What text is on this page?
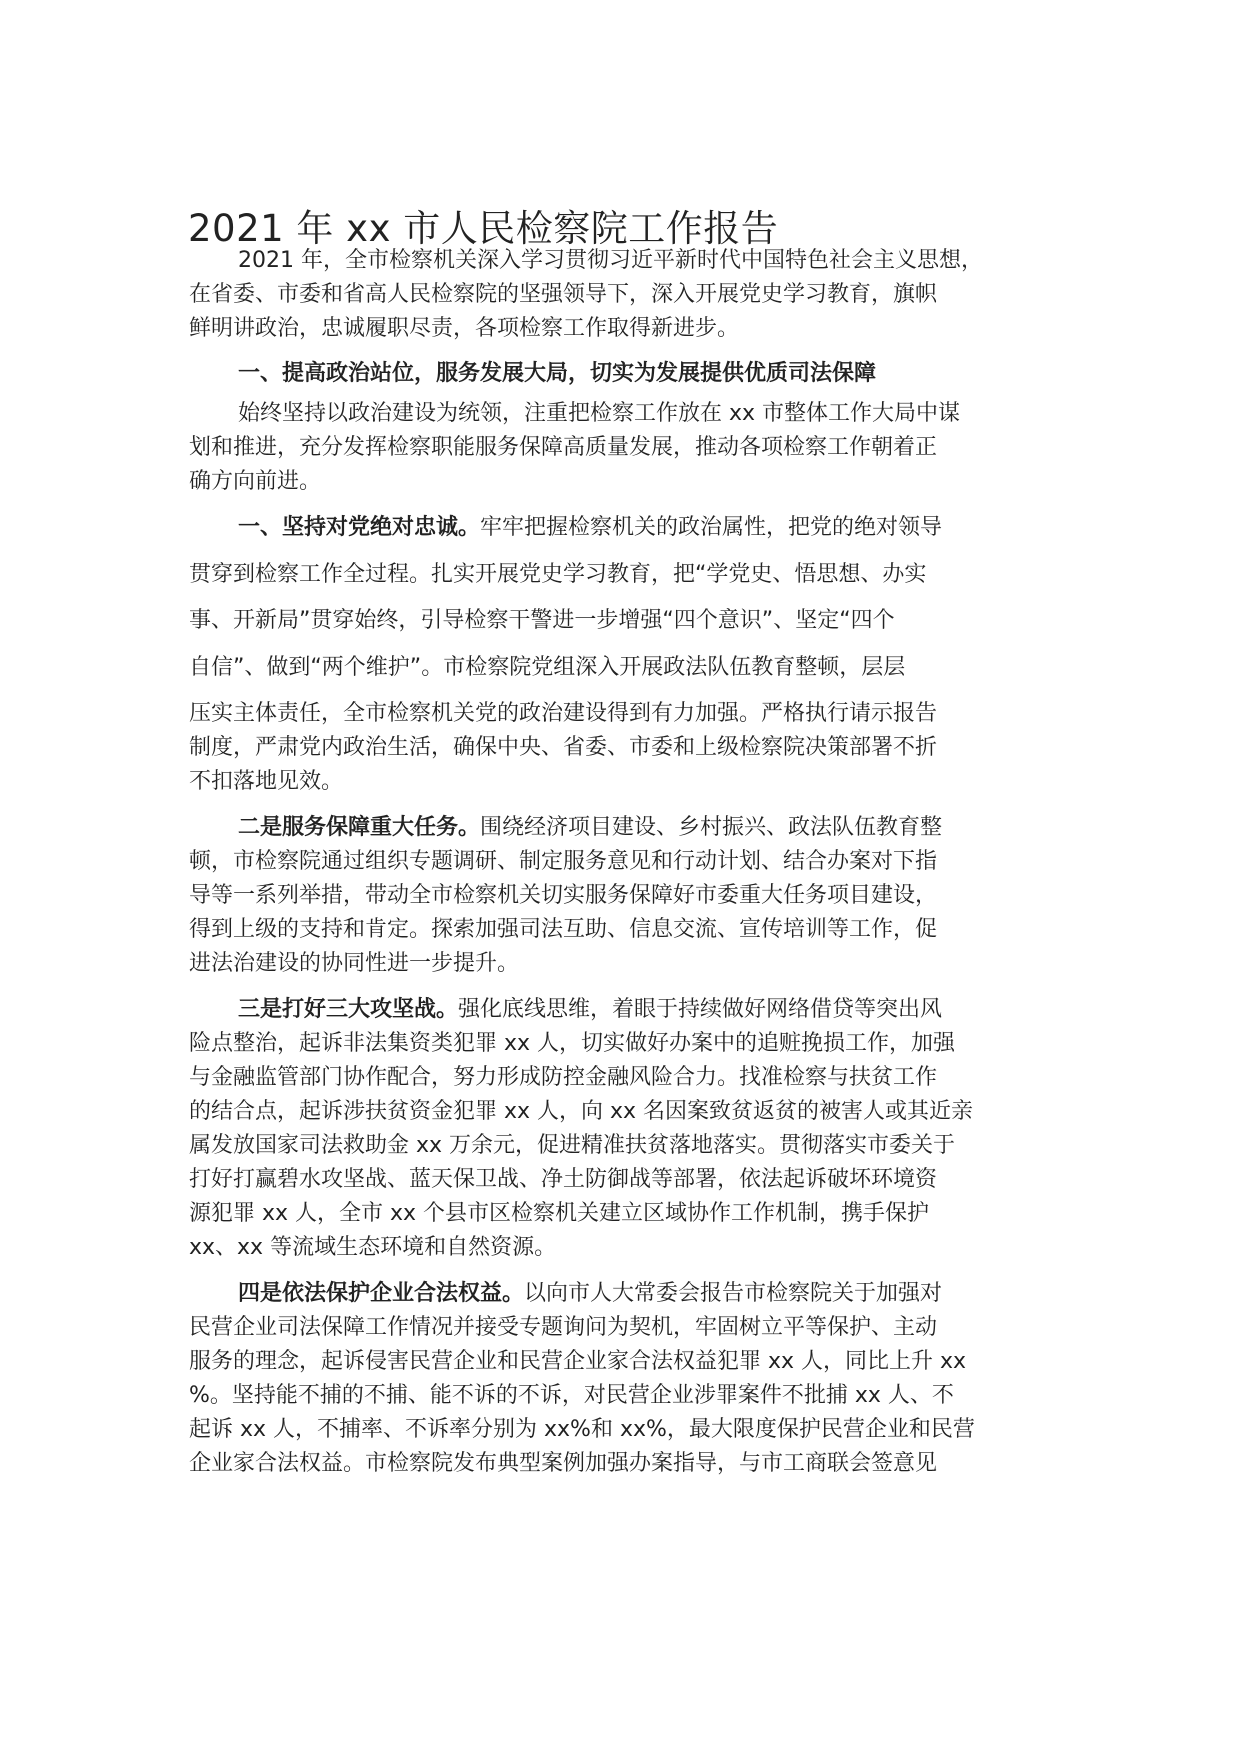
2021 年 xx 市人民检察院工作报告

2021 年，全市检察机关深入学习贯彻习近平新时代中国特色社会主义思想，

在省委、市委和省高人民检察院的坚强领导下，深入开展党史学习教育，旗帜

鲜明讲政治，忠诚履职尽责，各项检察工作取得新进步。

一、提高政治站位，服务发展大局，切实为发展提供优质司法保障

始终坚持以政治建设为统领，注重把检察工作放在 xx 市整体工作大局中谋

划和推进，充分发挥检察职能服务保障高质量发展，推动各项检察工作朝着正

确方向前进。

一、坚持对党绝对忠诚。牢牢把握检察机关的政治属性，把党的绝对领导

贯穿到检察工作全过程。扎实开展党史学习教育，把“学党史、悟思想、办实

事、开新局”贯穿始终，引导检察干警进一步增强“四个意识”、坚定“四个

自信”、做到“两个维护”。市检察院党组深入开展政法队伍教育整顿，层层

压实主体责任，全市检察机关党的政治建设得到有力加强。严格执行请示报告

制度，严肃党内政治生活，确保中央、省委、市委和上级检察院决策部署不折

不扣落地见效。

二是服务保障重大任务。围绕经济项目建设、乡村振兴、政法队伍教育整

顿，市检察院通过组织专题调研、制定服务意见和行动计划、结合办案对下指

导等一系列举措，带动全市检察机关切实服务保障好市委重大任务项目建设，

得到上级的支持和肯定。探索加强司法互助、信息交流、宣传培训等工作，促

进法治建设的协同性进一步提升。

三是打好三大攻坚战。强化底线思维，着眼于持续做好网络借贷等突出风

险点整治，起诉非法集资类犯罪 xx 人，切实做好办案中的追赃挽损工作，加强

与金融监管部门协作配合，努力形成防控金融风险合力。找准检察与扶贫工作

的结合点，起诉涉扶贫资金犯罪 xx 人，向 xx 名因案致贫返贫的被害人或其近亲

属发放国家司法救助金 xx 万余元，促进精准扶贫落地落实。贯彻落实市委关于

打好打赢碧水攻坚战、蓝天保卫战、净土防御战等部署，依法起诉破坏环境资

源犯罪 xx 人，全市 xx 个县市区检察机关建立区域协作工作机制，携手保护

xx、xx 等流域生态环境和自然资源。

四是依法保护企业合法权益。以向市人大常委会报告市检察院关于加强对

民营企业司法保障工作情况并接受专题询问为契机，牢固树立平等保护、主动

服务的理念，起诉侵害民营企业和民营企业家合法权益犯罪 xx 人，同比上升 xx

%。坚持能不捕的不捕、能不诉的不诉，对民营企业涉罪案件不批捕 xx 人、不

起诉 xx 人，不捕率、不诉率分别为 xx%和 xx%，最大限度保护民营企业和民营

企业家合法权益。市检察院发布典型案例加强办案指导，与市工商联会签意见
